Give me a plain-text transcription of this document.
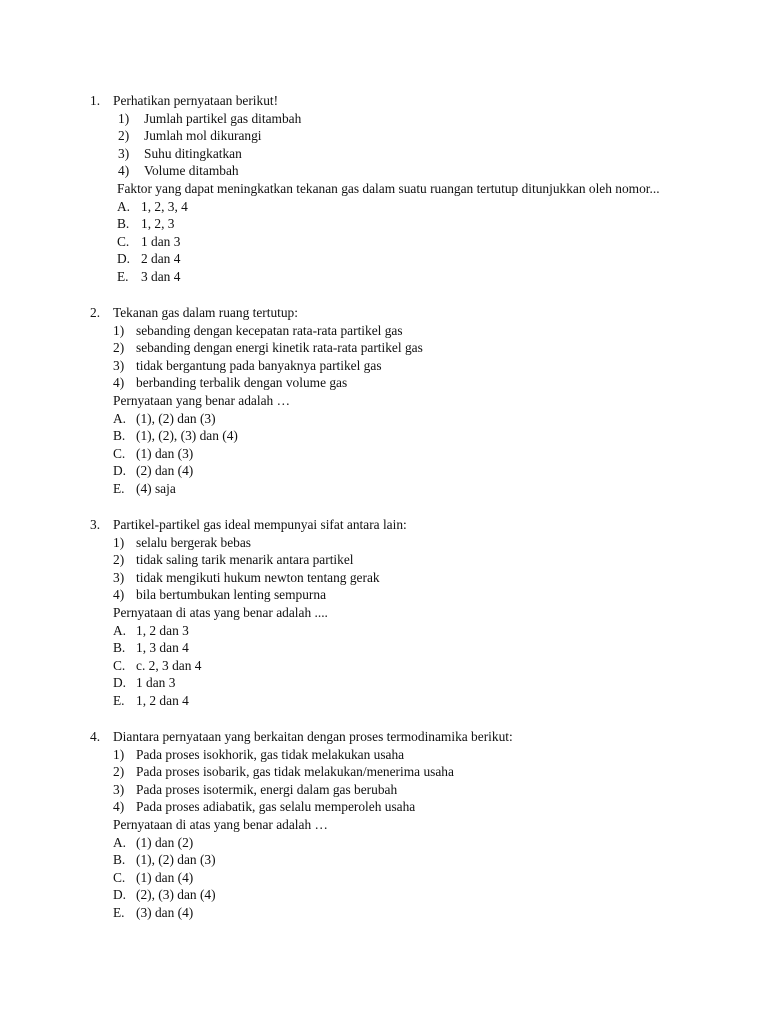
1. Perhatikan pernyataan berikut!
1) Jumlah partikel gas ditambah
2) Jumlah mol dikurangi
3) Suhu ditingkatkan
4) Volume ditambah
Faktor yang dapat meningkatkan tekanan gas dalam suatu ruangan tertutup ditunjukkan oleh nomor...
A. 1, 2, 3, 4
B. 1, 2, 3
C. 1 dan 3
D. 2 dan 4
E. 3 dan 4
2. Tekanan gas dalam ruang tertutup:
1) sebanding dengan kecepatan rata-rata partikel gas
2) sebanding dengan energi kinetik rata-rata partikel gas
3) tidak bergantung pada banyaknya partikel gas
4) berbanding terbalik dengan volume gas
Pernyataan yang benar adalah …
A. (1), (2) dan (3)
B. (1), (2), (3) dan (4)
C. (1) dan (3)
D. (2) dan (4)
E. (4) saja
3. Partikel-partikel gas ideal mempunyai sifat antara lain:
1) selalu bergerak bebas
2) tidak saling tarik menarik antara partikel
3) tidak mengikuti hukum newton tentang gerak
4) bila bertumbukan lenting sempurna
Pernyataan di atas yang benar adalah ....
A. 1, 2 dan 3
B. 1, 3 dan 4
C. c. 2, 3 dan 4
D. 1 dan 3
E. 1, 2 dan 4
4. Diantara pernyataan yang berkaitan dengan proses termodinamika berikut:
1) Pada proses isokhorik, gas tidak melakukan usaha
2) Pada proses isobarik, gas tidak melakukan/menerima usaha
3) Pada proses isotermik, energi dalam gas berubah
4) Pada proses adiabatik, gas selalu memperoleh usaha
Pernyataan di atas yang benar adalah …
A. (1) dan (2)
B. (1), (2) dan (3)
C. (1) dan (4)
D. (2), (3) dan (4)
E. (3) dan (4)
